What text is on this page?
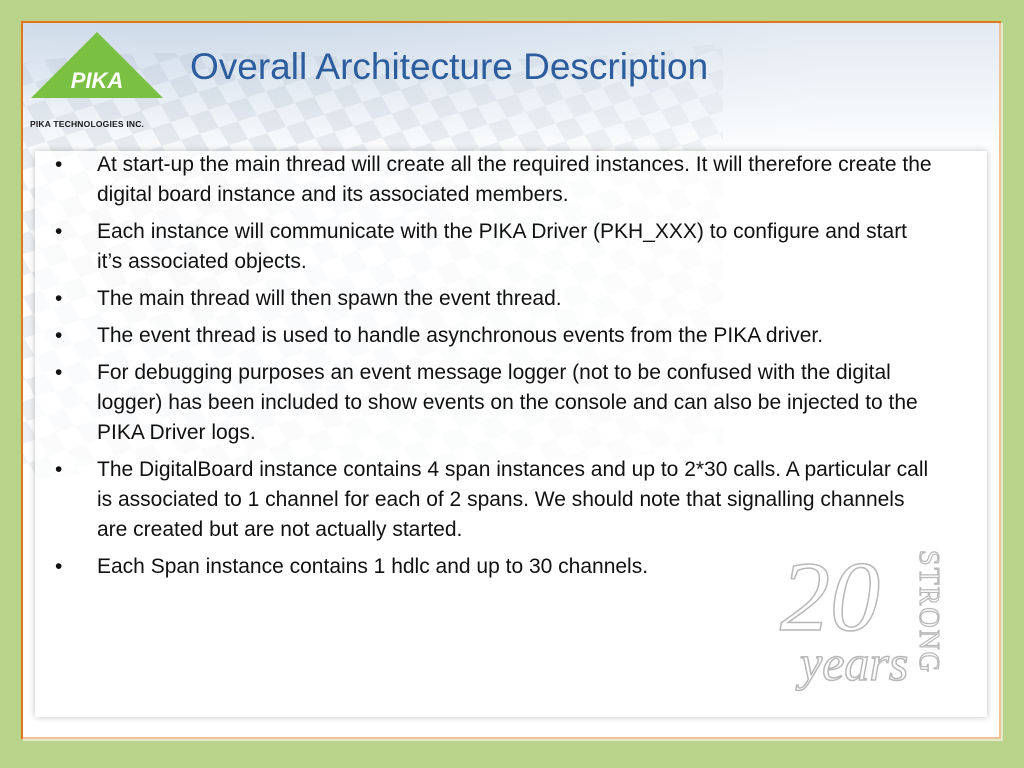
PIKA
PIKA TECHNOLOGIES INC.
Overall Architecture Description
• At start-up the main thread will create all the required instances. It will therefore create the digital board instance and its associated members.
• Each instance will communicate with the PIKA Driver (PKH_XXX) to configure and start it’s associated objects.
• The main thread will then spawn the event thread.
• The event thread is used to handle asynchronous events from the PIKA driver.
• For debugging purposes an event message logger (not to be confused with the digital logger) has been included to show events on the console and can also be injected to the PIKA Driver logs.
• The DigitalBoard instance contains 4 span instances and up to 2*30 calls. A particular call is associated to 1 channel for each of 2 spans. We should note that signalling channels are created but are not actually started.
• Each Span instance contains 1 hdlc and up to 30 channels.	20
years STRONG
